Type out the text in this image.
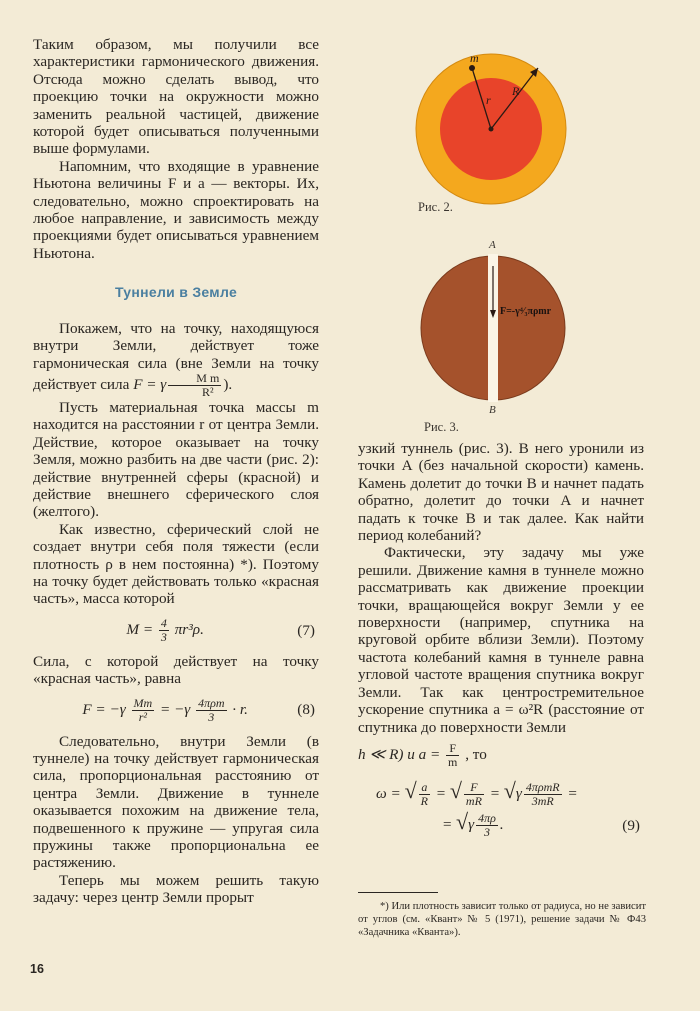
Таким образом, мы получили все характеристики гармонического движения. Отсюда можно сделать вывод, что проекцию точки на окружности можно заменить реальной частицей, движение которой будет описываться полученными выше формулами.

Напомним, что входящие в уравнение Ньютона величины F и a — векторы. Их, следовательно, можно спроектировать на любое направление, и зависимость между проекциями будет описываться уравнением Ньютона.

Туннели в Земле

Покажем, что на точку, находящуюся внутри Земли, действует тоже гармоническая сила (вне Земли на точку действует сила F = γ $\frac{\text{M m}}{\text{R²}}$ ).

Пусть материальная точка массы m находится на расстоянии r от центра Земли. Действие, которое оказывает на точку Земля, можно разбить на две части (рис. 2): действие внутренней сферы (красной) и действие внешнего сферического слоя (желтого).

Как известно, сферический слой не создает внутри себя поля тяжести (если плотность ρ в нем постоянна) *). Поэтому на точку будет действовать только «красная часть», масса которой

$M = \frac{4}{3} \pi r^3\rho$.	(7)

Сила, с которой действует на точку «красная часть», равна

$F = -\gamma \frac{Mm}{\text{r²}} = -\gamma \frac{\text{4πρm}}{3} \cdot r$.	(8)

Следовательно, внутри Земли (в туннеле) на точку действует гармоническая сила, пропорциональная расстоянию от центра Земли. Движение в туннеле оказывается похожим на движение тела, подвешенного к пружине — упругая сила пружины также пропорциональна ее растяжению.

Теперь мы можем решить такую задачу: через центр Земли прорыт

m
r
R
Рис. 2.
A
B
F=-γ⁴⁄₃πρmr
Рис. 3.

узкий туннель (рис. 3). В него уронили из точки A (без начальной скорости) камень. Камень долетит до точки B и начнет падать обратно, долетит до точки A и начнет падать к точке B и так далее. Как найти период колебаний?

Фактически, эту задачу мы уже решили. Движение камня в туннеле можно рассматривать как движение проекции точки, вращающейся вокруг Земли у ее поверхности (например, спутника на круговой орбите вблизи Земли). Поэтому частота колебаний камня в туннеле равна угловой частоте вращения спутника вокруг Земли. Так как центростремительное ускорение спутника a = ω²R (расстояние от спутника до поверхности Земли

h ≪ R) и $a = \frac{F}{m}$ , то

ω = √ $\frac{a}{R}$ = √ $\frac{F}{mR} = √\gamma \frac{\text{4πρmR}}{3mR}$ =
= $√\gamma \frac{4\pi\rho}{3}$ .	(9)

*) Или плотность зависит только от радиуса, но не зависит от углов (см. «Квант» № 5 (1971), решение задачи № Ф43 «Задачника «Кванта»).

16
